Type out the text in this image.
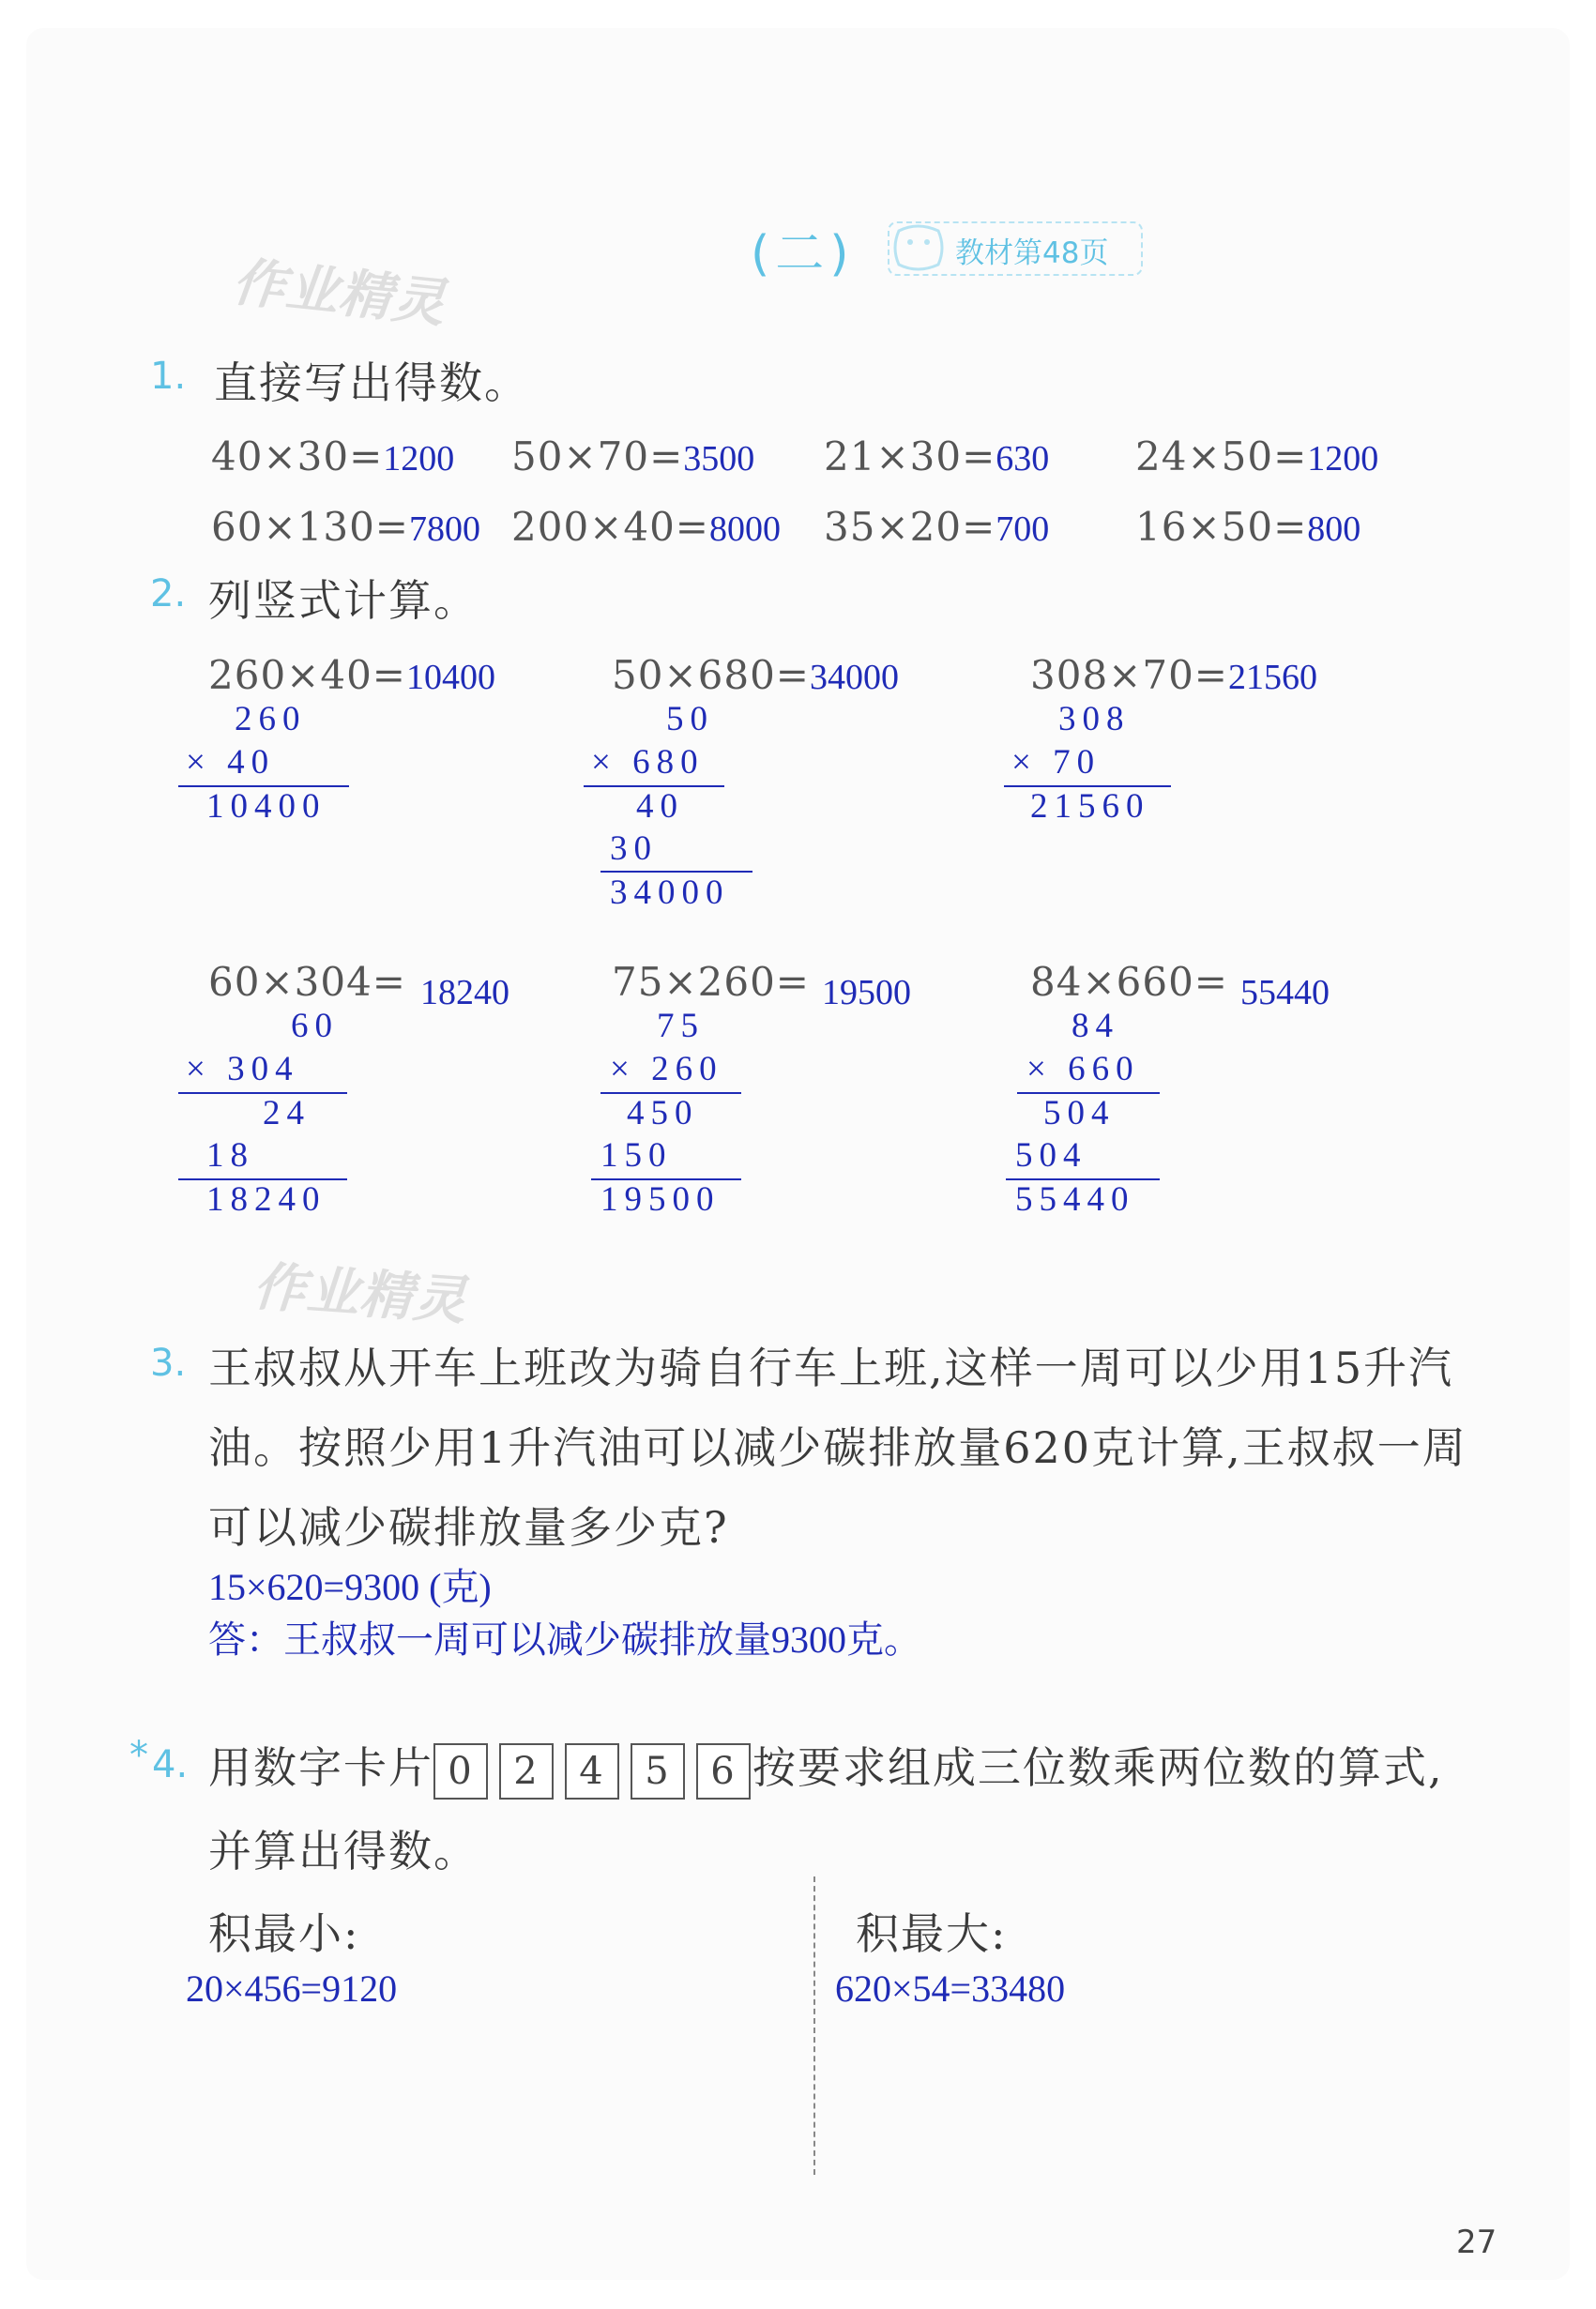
(二)	教材第48页
作业精灵
1. 直接写出得数。
40×30=1200 50×70=3500 21×30=630 24×50=1200
60×130=7800 200×40=8000 35×20=700 16×50=800
2. 列竖式计算。
260×40=10400
260
× 40
10400
50×680=34000
50
× 680
40
30
34000
308×70=21560
308
× 70
21560
60×304= 18240
60
× 304
24
18
18240
75×260= 19500
75
× 260
450
150
19500
84×660= 55440
84
× 660
504
504
55440
作业精灵
3. 王叔叔从开车上班改为骑自行车上班,这样一周可以少用15升汽
油。按照少用1升汽油可以减少碳排放量620克计算,王叔叔一周
可以减少碳排放量多少克?
15×620=9300 (克)
答：王叔叔一周可以减少碳排放量9300克。
* 4. 用数字卡片 0 2 4 5 6 按要求组成三位数乘两位数的算式,
并算出得数。
积最小:
20×456=9120
积最大:
620×54=33480
27
